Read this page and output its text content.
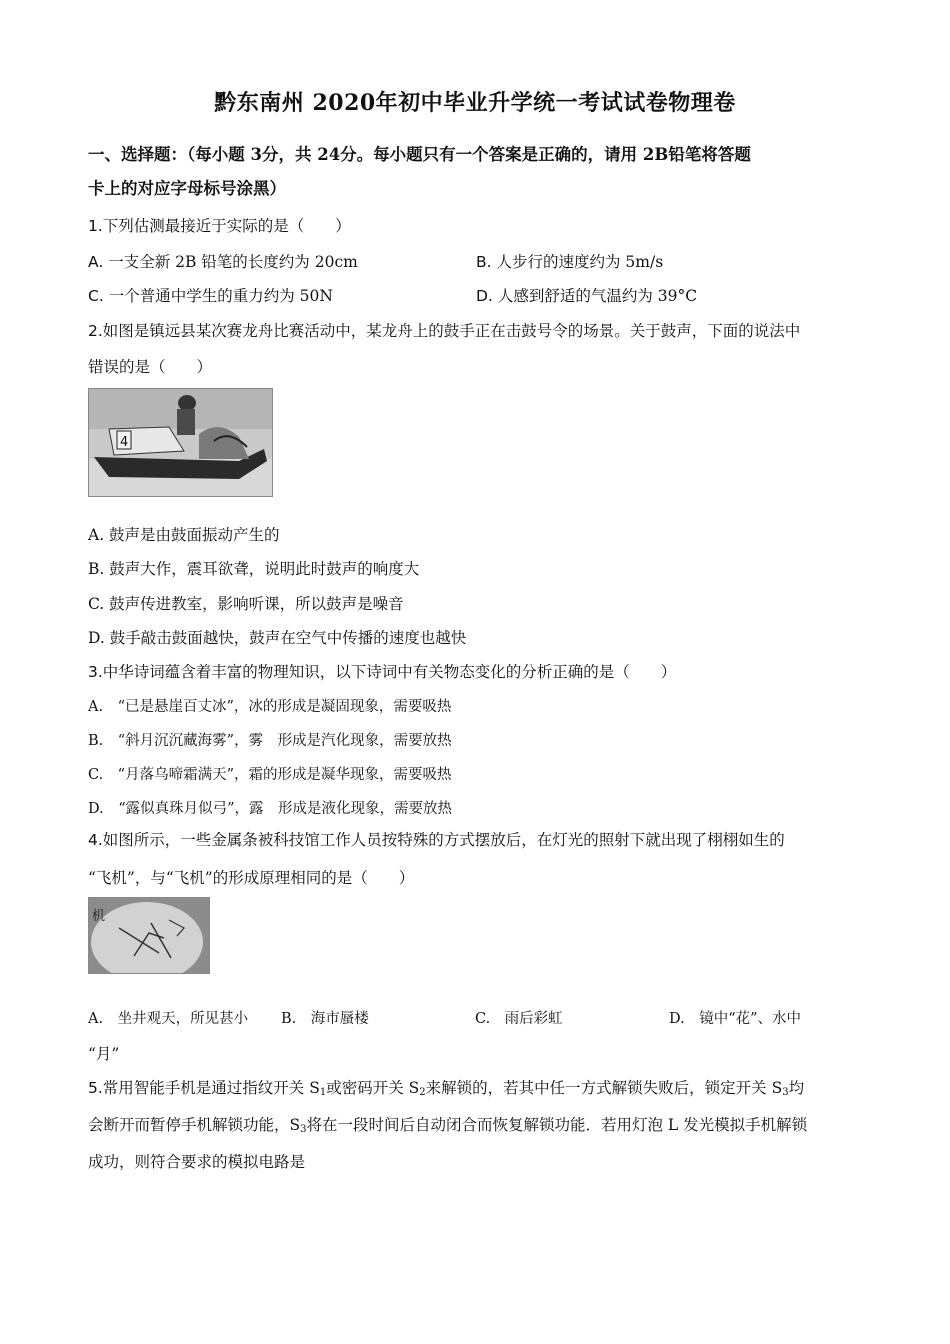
黔东南州 2020年初中毕业升学统一考试试卷物理卷
一、选择题：（每小题 3分，共 24分。每小题只有一个答案是正确的，请用 2B铅笔将答题
卡上的对应字母标号涂黑）
1.下列估测最接近于实际的是（　　）
A. 一支全新 2B 铅笔的长度约为 20cm	B. 人步行的速度约为 5m/s
C. 一个普通中学生的重力约为 50N	D. 人感到舒适的气温约为 39°C
2.如图是镇远县某次赛龙舟比赛活动中，某龙舟上的鼓手正在击鼓号令的场景。关于鼓声，下面的说法中
错误的是（　　）
4
A. 鼓声是由鼓面振动产生的
B. 鼓声大作，震耳欲聋，说明此时鼓声的响度大
C. 鼓声传进教室，影响听课，所以鼓声是噪音
D. 鼓手敲击鼓面越快，鼓声在空气中传播的速度也越快
3.中华诗词蕴含着丰富的物理知识，以下诗词中有关物态变化的分析正确的是（　　）
A.　“已是悬崖百丈冰”，冰的形成是凝固现象，需要吸热
B.　“斜月沉沉藏海雾”，雾　形成是汽化现象，需要放热
C.　“月落乌啼霜满天”，霜的形成是凝华现象，需要吸热
D.　“露似真珠月似弓”，露　形成是液化现象，需要放热
4.如图所示，一些金属条被科技馆工作人员按特殊的方式摆放后，在灯光的照射下就出现了栩栩如生的
“飞机”，与“飞机”的形成原理相同的是（　　）
机
A.　坐井观天，所见甚小 B.　海市蜃楼	C.　雨后彩虹	D.　镜中“花”、水中
“月”
5.常用智能手机是通过指纹开关 $S_1$或密码开关 $S_2$来解锁的，若其中任一方式解锁失败后，锁定开关 $S_3$均
会断开而暂停手机解锁功能，$S_3$将在一段时间后自动闭合而恢复解锁功能．若用灯泡 L 发光模拟手机解锁
成功，则符合要求的模拟电路是
